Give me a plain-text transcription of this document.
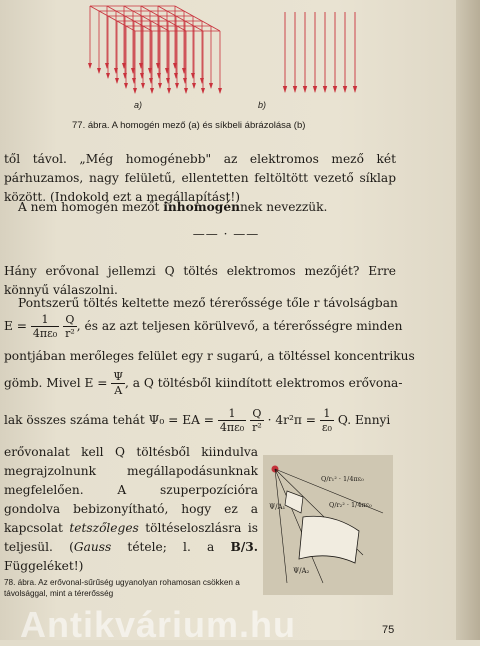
a)	b)
77. ábra. A homogén mező (a) és síkbeli ábrázolása (b)

től távol. „Még homogénebb" az elektromos mező két párhuzamos, nagy felületű, ellentetten feltöltött vezető síklap között. (Indokold ezt a megállapítást!)

A nem homogén mezőt inhomogénnek nevezzük.

—— · ——

Hány erővonal jellemzi Q töltés elektromos mezőjét? Erre könnyű válaszolni.

Pontszerű töltés keltette mező térerőssége tőle r távolságban
$E = \frac{1}{\text{4πε₀}}$
$\frac{Q}{\text{r²}}$ , és az azt teljesen körülvevő, a térerősségre minden
pontjában merőleges felület egy r sugarú, a töltéssel koncentrikus
gömb. Mivel $E = \frac{\Psi}{A}$ , a Q töltésből kiindított elektromos erővona-
lak összes száma tehát Ψ₀ = EA = $\frac{1}{\text{4πε₀}}$
$\frac{Q}{\text{r²}} \cdot 4r^2\pi = \frac{1}{\text{ε₀}} Q$. Ennyi

erővonalat kell Q töltésből kiindulva megrajzolnunk megállapodásunknak megfelelően. A szuperpozícióra gondolva bebizonyítható, hogy ez a kapcsolat tetszőleges töltéseloszlásra is teljesül. (Gauss tétele; l. a B/3. Függeléket!)

Q/r₁² · 1/4πε₀
Q/r₂² · 1/4πε₀
Ψ/A₁
Ψ/A₂
78. ábra. Az erővonal-sűrűség ugyanolyan rohamosan csökken a távolsággal, mint a térerősség
Antikvárium.hu	75
